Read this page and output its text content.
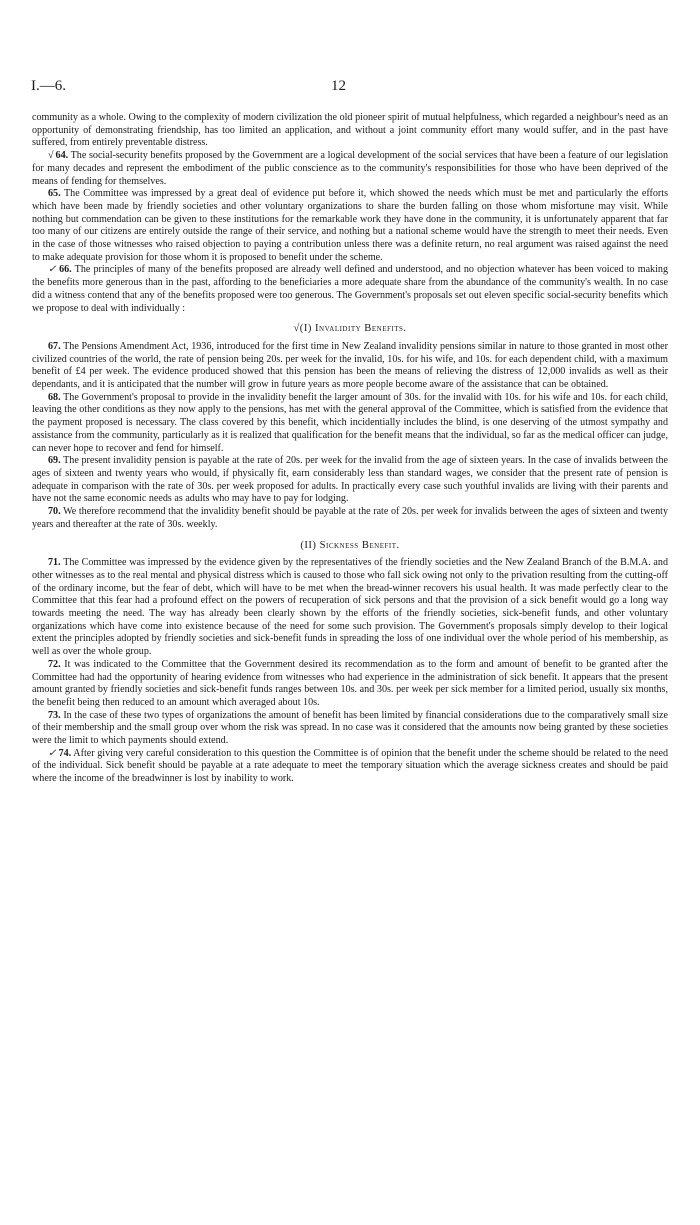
I.—6.	12

community as a whole. Owing to the complexity of modern civilization the old pioneer spirit of mutual helpfulness, which regarded a neighbour's need as an opportunity of demonstrating friendship, has too limited an application, and without a joint community effort many would suffer, and in the past have suffered, from entirely preventable distress.

√ 64. The social-security benefits proposed by the Government are a logical development of the social services that have been a feature of our legislation for many decades and represent the embodiment of the public conscience as to the community's responsibilities for those who have been deprived of the means of fending for themselves.

65. The Committee was impressed by a great deal of evidence put before it, which showed the needs which must be met and particularly the efforts which have been made by friendly societies and other voluntary organizations to share the burden falling on those whom misfortune may visit. While nothing but commendation can be given to these institutions for the remarkable work they have done in the community, it is unfortunately apparent that far too many of our citizens are entirely outside the range of their service, and nothing but a national scheme would have the strength to meet their needs. Even in the case of those witnesses who raised objection to paying a contribution unless there was a definite return, no real argument was raised against the need to make adequate provision for those whom it is proposed to benefit under the scheme.

✓ 66. The principles of many of the benefits proposed are already well defined and understood, and no objection whatever has been voiced to making the benefits more generous than in the past, affording to the beneficiaries a more adequate share from the abundance of the community's wealth. In no case did a witness contend that any of the benefits proposed were too generous. The Government's proposals set out eleven specific social-security benefits which we propose to deal with individually :

√(I) Invalidity Benefits.

67. The Pensions Amendment Act, 1936, introduced for the first time in New Zealand invalidity pensions similar in nature to those granted in most other civilized countries of the world, the rate of pension being 20s. per week for the invalid, 10s. for his wife, and 10s. for each dependent child, with a maximum benefit of £4 per week. The evidence produced showed that this pension has been the means of relieving the distress of 12,000 invalids as well as their dependants, and it is anticipated that the number will grow in future years as more people become aware of the assistance that can be obtained.

68. The Government's proposal to provide in the invalidity benefit the larger amount of 30s. for the invalid with 10s. for his wife and 10s. for each child, leaving the other conditions as they now apply to the pensions, has met with the general approval of the Committee, which is satisfied from the evidence that the payment proposed is necessary. The class covered by this benefit, which incidentially includes the blind, is one deserving of the utmost sympathy and assistance from the community, particularly as it is realized that qualification for the benefit means that the individual, so far as the medical officer can judge, can never hope to recover and fend for himself.

69. The present invalidity pension is payable at the rate of 20s. per week for the invalid from the age of sixteen years. In the case of invalids between the ages of sixteen and twenty years who would, if physically fit, earn considerably less than standard wages, we consider that the present rate of pension is adequate in comparison with the rate of 30s. per week proposed for adults. In practically every case such youthful invalids are living with their parents and have not the same economic needs as adults who may have to pay for lodging.

70. We therefore recommend that the invalidity benefit should be payable at the rate of 20s. per week for invalids between the ages of sixteen and twenty years and thereafter at the rate of 30s. weekly.

(II) Sickness Benefit.

71. The Committee was impressed by the evidence given by the representatives of the friendly societies and the New Zealand Branch of the B.M.A. and other witnesses as to the real mental and physical distress which is caused to those who fall sick owing not only to the privation resulting from the cutting-off of the ordinary income, but the fear of debt, which will have to be met when the bread-winner recovers his usual health. It was made perfectly clear to the Committee that this fear had a profound effect on the powers of recuperation of sick persons and that the provision of a sick benefit would go a long way towards meeting the need. The way has already been clearly shown by the efforts of the friendly societies, sick-benefit funds, and other voluntary organizations which have come into existence because of the need for some such provision. The Government's proposals simply develop to their logical extent the principles adopted by friendly societies and sick-benefit funds in spreading the loss of one individual over the whole period of his membership, as well as over the whole group.

72. It was indicated to the Committee that the Government desired its recommendation as to the form and amount of benefit to be granted after the Committee had had the opportunity of hearing evidence from witnesses who had experience in the administration of sick benefit. It appears that the present amount granted by friendly societies and sick-benefit funds ranges between 10s. and 30s. per week per sick member for a limited period, usually six months, the benefit being then reduced to an amount which averaged about 10s.

73. In the case of these two types of organizations the amount of benefit has been limited by financial considerations due to the comparatively small size of their membership and the small group over whom the risk was spread. In no case was it considered that the amounts now being granted by these societies were the limit to which payments should extend.

✓ 74. After giving very careful consideration to this question the Committee is of opinion that the benefit under the scheme should be related to the need of the individual. Sick benefit should be payable at a rate adequate to meet the temporary situation which the average sickness creates and should be paid where the income of the breadwinner is lost by inability to work.
